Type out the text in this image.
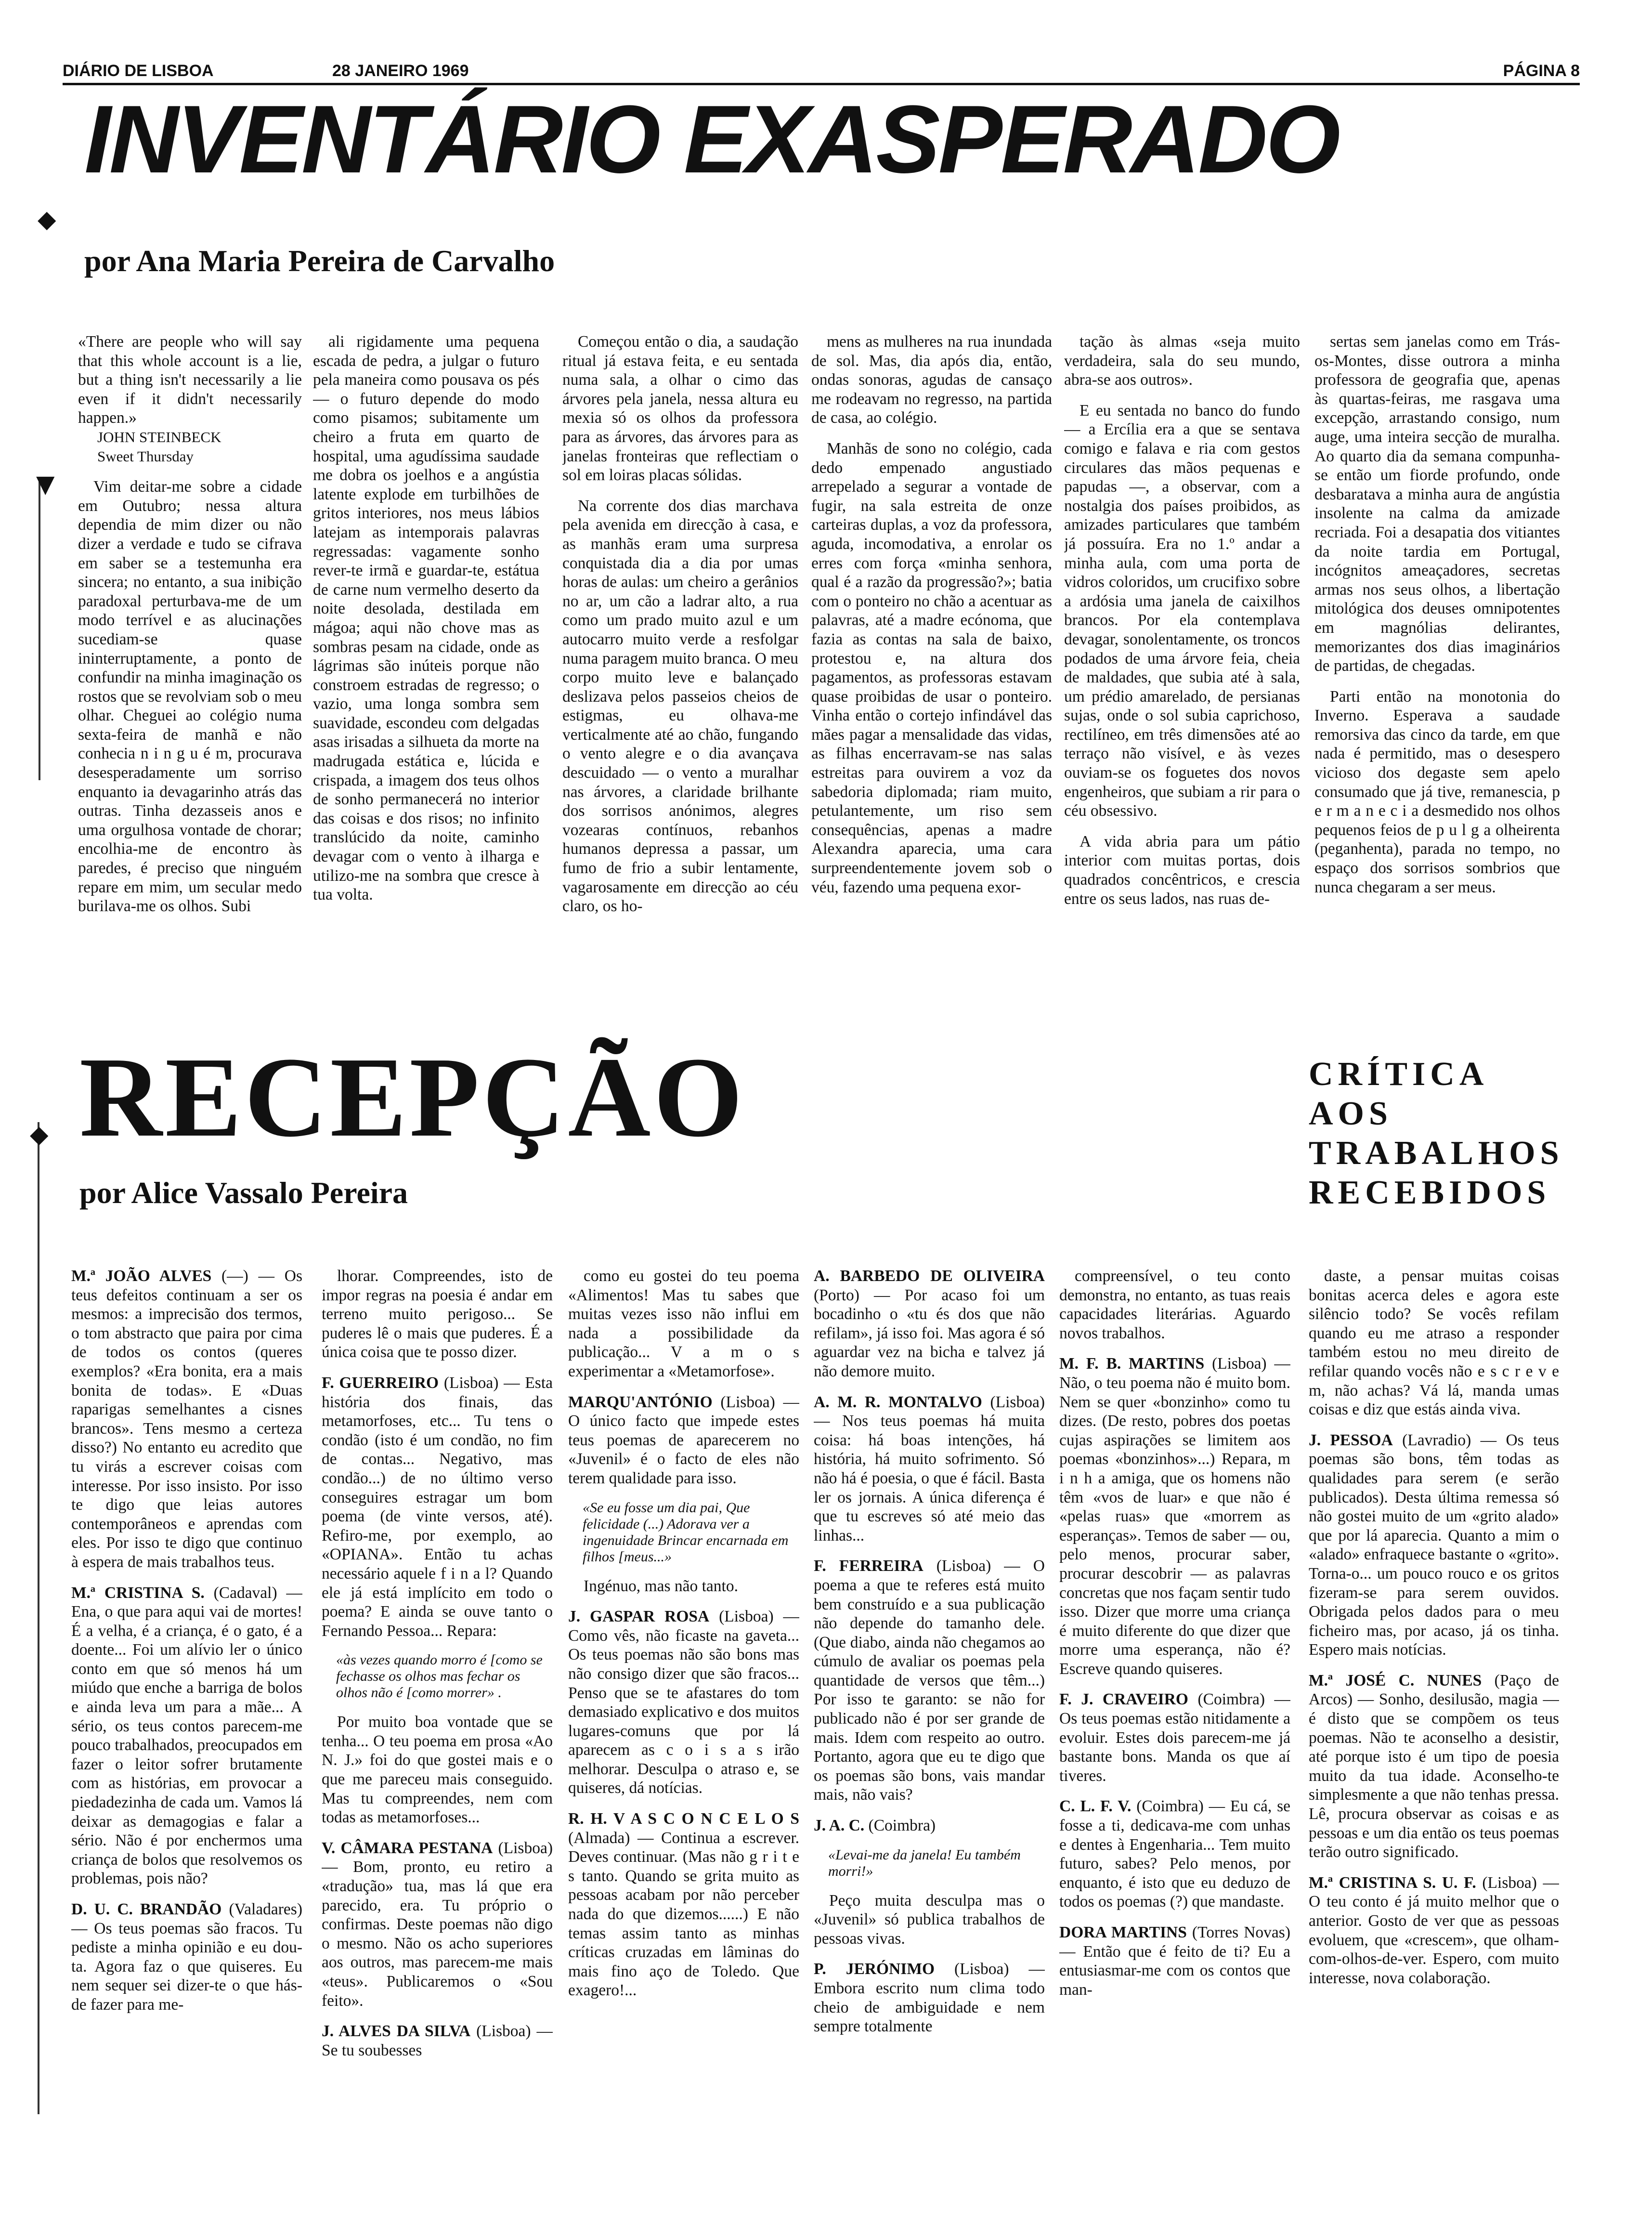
DIÁRIO DE LISBOA	28 JANEIRO 1969	PÁGINA 8
◆
INVENTÁRIO EXASPERADO
por Ana Maria Pereira de Carvalho
▼
◆

«There are people who will say that this whole account is a lie, but a thing isn't necessarily a lie even if it didn't necessarily happen.»

JOHN STEINBECK

Sweet Thursday

Vim deitar-me sobre a cidade em Outubro; nessa altura dependia de mim dizer ou não dizer a verdade e tudo se cifrava em saber se a testemunha era sincera; no entanto, a sua inibição paradoxal perturbava-me de um modo terrível e as alucinações sucediam-se quase ininterruptamente, a ponto de confundir na minha imaginação os rostos que se revolviam sob o meu olhar. Cheguei ao colégio numa sexta-feira de manhã e não conhecia n i n g u é m, procurava desesperadamente um sorriso enquanto ia devagarinho atrás das outras. Tinha dezasseis anos e uma orgulhosa vontade de chorar; encolhia-me de encontro às paredes, é preciso que ninguém repare em mim, um secular medo burilava-me os olhos. Subi

ali rigidamente uma pequena escada de pedra, a julgar o futuro pela maneira como pousava os pés — o futuro depende do modo como pisamos; subitamente um cheiro a fruta em quarto de hospital, uma agudíssima saudade me dobra os joelhos e a angústia latente explode em turbilhões de gritos interiores, nos meus lábios latejam as intemporais palavras regressadas: vagamente sonho rever-te irmã e guardar-te, estátua de carne num vermelho deserto da noite desolada, destilada em mágoa; aqui não chove mas as sombras pesam na cidade, onde as lágrimas são inúteis porque não constroem estradas de regresso; o vazio, uma longa sombra sem suavidade, escondeu com delgadas asas irisadas a silhueta da morte na madrugada estática e, lúcida e crispada, a imagem dos teus olhos de sonho permanecerá no interior das coisas e dos risos; no infinito translúcido da noite, caminho devagar com o vento à ilharga e utilizo-me na sombra que cresce à tua volta.

Começou então o dia, a saudação ritual já estava feita, e eu sentada numa sala, a olhar o cimo das árvores pela janela, nessa altura eu mexia só os olhos da professora para as árvores, das árvores para as janelas fronteiras que reflectiam o sol em loiras placas sólidas.

Na corrente dos dias marchava pela avenida em direcção à casa, e as manhãs eram uma surpresa conquistada dia a dia por umas horas de aulas: um cheiro a gerânios no ar, um cão a ladrar alto, a rua como um prado muito azul e um autocarro muito verde a resfolgar numa paragem muito branca. O meu corpo muito leve e balançado deslizava pelos passeios cheios de estigmas, eu olhava-me verticalmente até ao chão, fungando o vento alegre e o dia avançava descuidado — o vento a muralhar nas árvores, a claridade brilhante dos sorrisos anónimos, alegres vozearas contínuos, rebanhos humanos depressa a passar, um fumo de frio a subir lentamente, vagarosamente em direcção ao céu claro, os ho-

mens as mulheres na rua inundada de sol. Mas, dia após dia, então, ondas sonoras, agudas de cansaço me rodeavam no regresso, na partida de casa, ao colégio.

Manhãs de sono no colégio, cada dedo empenado angustiado arrepelado a segurar a vontade de fugir, na sala estreita de onze carteiras duplas, a voz da professora, aguda, incomodativa, a enrolar os erres com força «minha senhora, qual é a razão da progressão?»; batia com o ponteiro no chão a acentuar as palavras, até a madre ecónoma, que fazia as contas na sala de baixo, protestou e, na altura dos pagamentos, as professoras estavam quase proibidas de usar o ponteiro. Vinha então o cortejo infindável das mães pagar a mensalidade das vidas, as filhas encerravam-se nas salas estreitas para ouvirem a voz da sabedoria diplomada; riam muito, petulantemente, um riso sem consequências, apenas a madre Alexandra aparecia, uma cara surpreendentemente jovem sob o véu, fazendo uma pequena exor-

tação às almas «seja muito verdadeira, sala do seu mundo, abra-se aos outros».

E eu sentada no banco do fundo — a Ercília era a que se sentava comigo e falava e ria com gestos circulares das mãos pequenas e papudas —, a observar, com a nostalgia dos países proibidos, as amizades particulares que também já possuíra. Era no 1.º andar a minha aula, com uma porta de vidros coloridos, um crucifixo sobre a ardósia uma janela de caixilhos brancos. Por ela contemplava devagar, sonolentamente, os troncos podados de uma árvore feia, cheia de maldades, que subia até à sala, um prédio amarelado, de persianas sujas, onde o sol subia caprichoso, rectilíneo, em três dimensões até ao terraço não visível, e às vezes ouviam-se os foguetes dos novos engenheiros, que subiam a rir para o céu obsessivo.

A vida abria para um pátio interior com muitas portas, dois quadrados concêntricos, e crescia entre os seus lados, nas ruas de-

sertas sem janelas como em Trás-os-Montes, disse outrora a minha professora de geografia que, apenas às quartas-feiras, me rasgava uma excepção, arrastando consigo, num auge, uma inteira secção de muralha. Ao quarto dia da semana compunha-se então um fiorde profundo, onde desbaratava a minha aura de angústia insolente na calma da amizade recriada. Foi a desapatia dos vitiantes da noite tardia em Portugal, incógnitos ameaçadores, secretas armas nos seus olhos, a libertação mitológica dos deuses omnipotentes em magnólias delirantes, memorizantes dos dias imaginários de partidas, de chegadas.

Parti então na monotonia do Inverno. Esperava a saudade remorsiva das cinco da tarde, em que nada é permitido, mas o desespero vicioso dos degaste sem apelo consumado que já tive, remanescia, p e r m a n e c i a desmedido nos olhos pequenos feios de p u l g a olheirenta (peganhenta), parada no tempo, no espaço dos sorrisos sombrios que nunca chegaram a ser meus.

RECEPÇÃO
por Alice Vassalo Pereira
CRÍTICA
AOS
TRABALHOS
RECEBIDOS

M.ª JOÃO ALVES (—) — Os teus defeitos continuam a ser os mesmos: a imprecisão dos termos, o tom abstracto que paira por cima de todos os contos (queres exemplos? «Era bonita, era a mais bonita de todas». E «Duas raparigas semelhantes a cisnes brancos». Tens mesmo a certeza disso?) No entanto eu acredito que tu virás a escrever coisas com interesse. Por isso insisto. Por isso te digo que leias autores contemporâneos e aprendas com eles. Por isso te digo que continuo à espera de mais trabalhos teus.

M.ª CRISTINA S. (Cadaval) — Ena, o que para aqui vai de mortes! É a velha, é a criança, é o gato, é a doente... Foi um alívio ler o único conto em que só menos há um miúdo que enche a barriga de bolos e ainda leva um para a mãe... A sério, os teus contos parecem-me pouco trabalhados, preocupados em fazer o leitor sofrer brutamente com as histórias, em provocar a piedadezinha de cada um. Vamos lá deixar as demagogias e falar a sério. Não é por enchermos uma criança de bolos que resolvemos os problemas, pois não?

D. U. C. BRANDÃO (Valadares) — Os teus poemas são fracos. Tu pediste a minha opinião e eu dou-ta. Agora faz o que quiseres. Eu nem sequer sei dizer-te o que hás-de fazer para me-

lhorar. Compreendes, isto de impor regras na poesia é andar em terreno muito perigoso... Se puderes lê o mais que puderes. É a única coisa que te posso dizer.

F. GUERREIRO (Lisboa) — Esta história dos finais, das metamorfoses, etc... Tu tens o condão (isto é um condão, no fim de contas... Negativo, mas condão...) de no último verso conseguires estragar um bom poema (de vinte versos, até). Refiro-me, por exemplo, ao «OPIANA». Então tu achas necessário aquele f i n a l? Quando ele já está implícito em todo o poema? E ainda se ouve tanto o Fernando Pessoa... Repara:

«às vezes quando morro é [como se fechasse os olhos mas fechar os olhos não é [como morrer» .

Por muito boa vontade que se tenha... O teu poema em prosa «Ao N. J.» foi do que gostei mais e o que me pareceu mais conseguido. Mas tu compreendes, nem com todas as metamorfoses...

V. CÂMARA PESTANA (Lisboa) — Bom, pronto, eu retiro a «tradução» tua, mas lá que era parecido, era. Tu próprio o confirmas. Deste poemas não digo o mesmo. Não os acho superiores aos outros, mas parecem-me mais «teus». Publicaremos o «Sou feito».

J. ALVES DA SILVA (Lisboa) — Se tu soubesses

como eu gostei do teu poema «Alimentos! Mas tu sabes que muitas vezes isso não influi em nada a possibilidade da publicação... V a m o s experimentar a «Metamorfose».

MARQU'ANTÓNIO (Lisboa) — O único facto que impede estes teus poemas de aparecerem no «Juvenil» é o facto de eles não terem qualidade para isso.

«Se eu fosse um dia pai, Que felicidade (...) Adorava ver a ingenuidade Brincar encarnada em filhos [meus...»

Ingénuo, mas não tanto.

J. GASPAR ROSA (Lisboa) — Como vês, não ficaste na gaveta... Os teus poemas não são bons mas não consigo dizer que são fracos... Penso que se te afastares do tom demasiado explicativo e dos muitos lugares-comuns que por lá aparecem as c o i s a s irão melhorar. Desculpa o atraso e, se quiseres, dá notícias.

R. H. V A S C O N C E L O S (Almada) — Continua a escrever. Deves continuar. (Mas não g r i t e s tanto. Quando se grita muito as pessoas acabam por não perceber nada do que dizemos......) E não temas assim tanto as minhas críticas cruzadas em lâminas do mais fino aço de Toledo. Que exagero!...

A. BARBEDO DE OLIVEIRA (Porto) — Por acaso foi um bocadinho o «tu és dos que não refilam», já isso foi. Mas agora é só aguardar vez na bicha e talvez já não demore muito.

A. M. R. MONTALVO (Lisboa) — Nos teus poemas há muita coisa: há boas intenções, há história, há muito sofrimento. Só não há é poesia, o que é fácil. Basta ler os jornais. A única diferença é que tu escreves só até meio das linhas...

F. FERREIRA (Lisboa) — O poema a que te referes está muito bem construído e a sua publicação não depende do tamanho dele. (Que diabo, ainda não chegamos ao cúmulo de avaliar os poemas pela quantidade de versos que têm...) Por isso te garanto: se não for publicado não é por ser grande de mais. Idem com respeito ao outro. Portanto, agora que eu te digo que os poemas são bons, vais mandar mais, não vais?

J. A. C. (Coimbra)

«Levai-me da janela! Eu também morri!»

Peço muita desculpa mas o «Juvenil» só publica trabalhos de pessoas vivas.

P. JERÓNIMO (Lisboa) — Embora escrito num clima todo cheio de ambiguidade e nem sempre totalmente

compreensível, o teu conto demonstra, no entanto, as tuas reais capacidades literárias. Aguardo novos trabalhos.

M. F. B. MARTINS (Lisboa) — Não, o teu poema não é muito bom. Nem se quer «bonzinho» como tu dizes. (De resto, pobres dos poetas cujas aspirações se limitem aos poemas «bonzinhos»...) Repara, m i n h a amiga, que os homens não têm «vos de luar» e que não é «pelas ruas» que «morrem as esperanças». Temos de saber — ou, pelo menos, procurar saber, procurar descobrir — as palavras concretas que nos façam sentir tudo isso. Dizer que morre uma criança é muito diferente do que dizer que morre uma esperança, não é? Escreve quando quiseres.

F. J. CRAVEIRO (Coimbra) — Os teus poemas estão nitidamente a evoluir. Estes dois parecem-me já bastante bons. Manda os que aí tiveres.

C. L. F. V. (Coimbra) — Eu cá, se fosse a ti, dedicava-me com unhas e dentes à Engenharia... Tem muito futuro, sabes? Pelo menos, por enquanto, é isto que eu deduzo de todos os poemas (?) que mandaste.

DORA MARTINS (Torres Novas) — Então que é feito de ti? Eu a entusiasmar-me com os contos que man-

daste, a pensar muitas coisas bonitas acerca deles e agora este silêncio todo? Se vocês refilam quando eu me atraso a responder também estou no meu direito de refilar quando vocês não e s c r e v e m, não achas? Vá lá, manda umas coisas e diz que estás ainda viva.

J. PESSOA (Lavradio) — Os teus poemas são bons, têm todas as qualidades para serem (e serão publicados). Desta última remessa só não gostei muito de um «grito alado» que por lá aparecia. Quanto a mim o «alado» enfraquece bastante o «grito». Torna-o... um pouco rouco e os gritos fizeram-se para serem ouvidos. Obrigada pelos dados para o meu ficheiro mas, por acaso, já os tinha. Espero mais notícias.

M.ª JOSÉ C. NUNES (Paço de Arcos) — Sonho, desilusão, magia — é disto que se compõem os teus poemas. Não te aconselho a desistir, até porque isto é um tipo de poesia muito da tua idade. Aconselho-te simplesmente a que não tenhas pressa. Lê, procura observar as coisas e as pessoas e um dia então os teus poemas terão outro significado.

M.ª CRISTINA S. U. F. (Lisboa) — O teu conto é já muito melhor que o anterior. Gosto de ver que as pessoas evoluem, que «crescem», que olham-com-olhos-de-ver. Espero, com muito interesse, nova colaboração.
